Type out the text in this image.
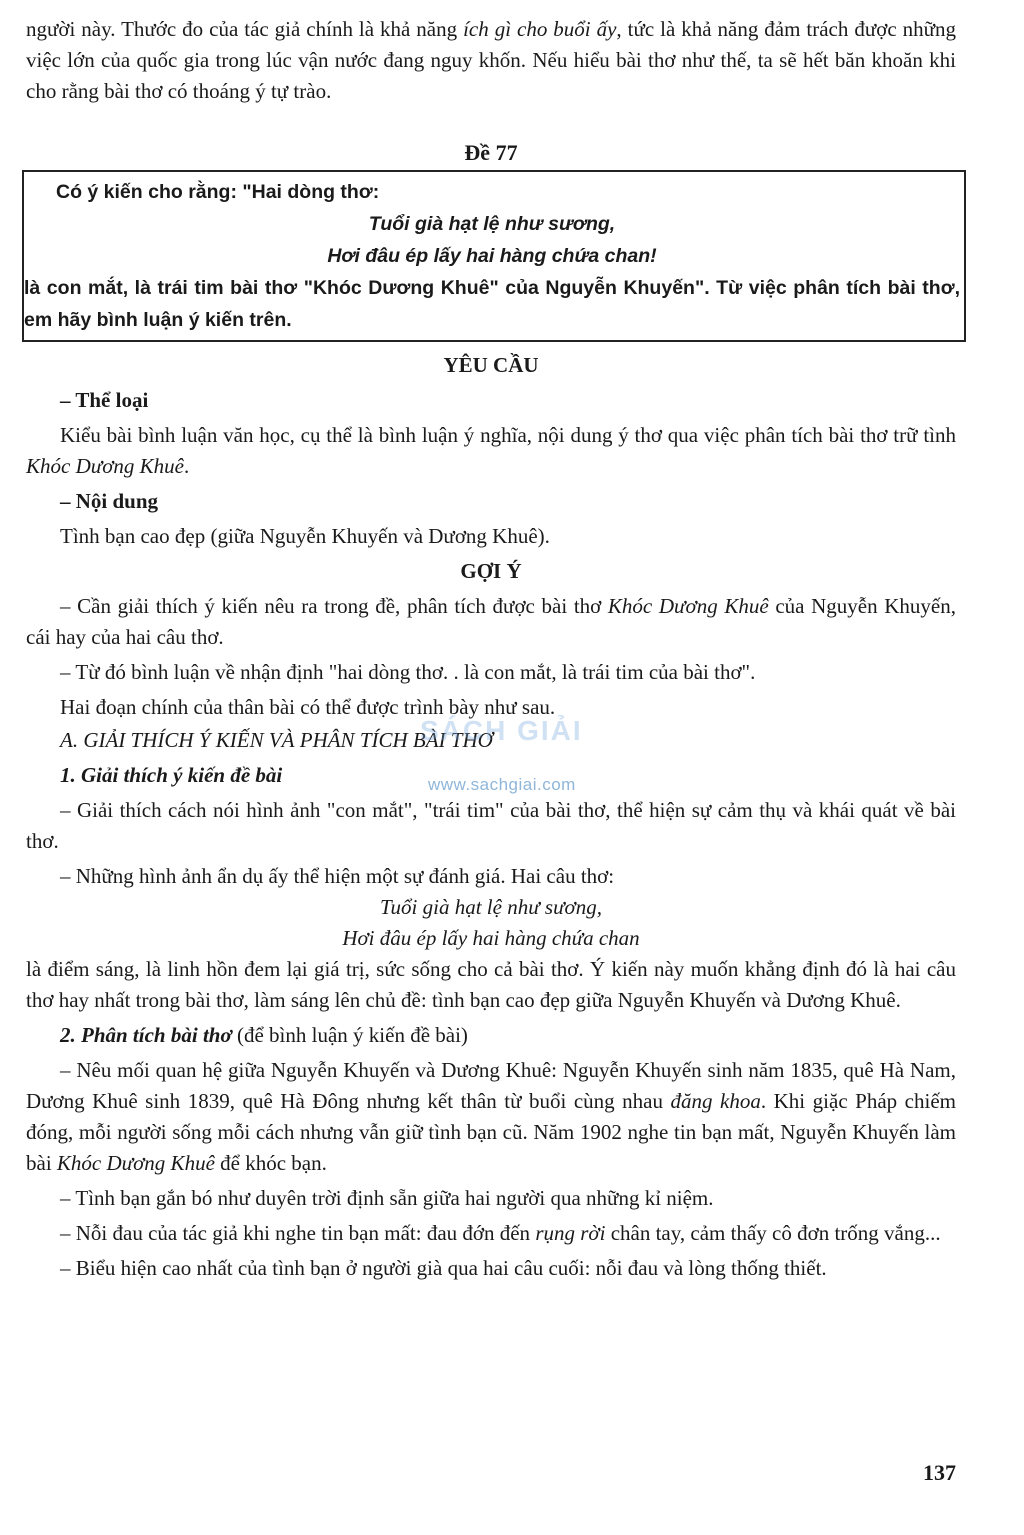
người này. Thước đo của tác giả chính là khả năng ích gì cho buổi ấy, tức là khả năng đảm trách được những việc lớn của quốc gia trong lúc vận nước đang nguy khốn. Nếu hiểu bài thơ như thế, ta sẽ hết băn khoăn khi cho rằng bài thơ có thoáng ý tự trào.

Đề 77
Có ý kiến cho rằng: "Hai dòng thơ:
Tuổi già hạt lệ như sương,
Hơi đâu ép lấy hai hàng chứa chan!
là con mắt, là trái tim bài thơ "Khóc Dương Khuê" của Nguyễn Khuyến". Từ việc phân tích bài thơ, em hãy bình luận ý kiến trên.
YÊU CẦU

– Thể loại

Kiểu bài bình luận văn học, cụ thể là bình luận ý nghĩa, nội dung ý thơ qua việc phân tích bài thơ trữ tình Khóc Dương Khuê.

– Nội dung

Tình bạn cao đẹp (giữa Nguyễn Khuyến và Dương Khuê).

GỢI Ý

– Cần giải thích ý kiến nêu ra trong đề, phân tích được bài thơ Khóc Dương Khuê của Nguyễn Khuyến, cái hay của hai câu thơ.

– Từ đó bình luận về nhận định "hai dòng thơ. . là con mắt, là trái tim của bài thơ".

Hai đoạn chính của thân bài có thể được trình bày như sau.

SÁCH GIẢI
www.sachgiai.com

A. GIẢI THÍCH Ý KIẾN VÀ PHÂN TÍCH BÀI THƠ

1. Giải thích ý kiến đề bài

– Giải thích cách nói hình ảnh "con mắt", "trái tim" của bài thơ, thể hiện sự cảm thụ và khái quát về bài thơ.

– Những hình ảnh ẩn dụ ấy thể hiện một sự đánh giá. Hai câu thơ:

Tuổi già hạt lệ như sương,
Hơi đâu ép lấy hai hàng chứa chan

là điểm sáng, là linh hồn đem lại giá trị, sức sống cho cả bài thơ. Ý kiến này muốn khẳng định đó là hai câu thơ hay nhất trong bài thơ, làm sáng lên chủ đề: tình bạn cao đẹp giữa Nguyễn Khuyến và Dương Khuê.

2. Phân tích bài thơ (để bình luận ý kiến đề bài)

– Nêu mối quan hệ giữa Nguyễn Khuyến và Dương Khuê: Nguyễn Khuyến sinh năm 1835, quê Hà Nam, Dương Khuê sinh 1839, quê Hà Đông nhưng kết thân từ buổi cùng nhau đăng khoa. Khi giặc Pháp chiếm đóng, mỗi người sống mỗi cách nhưng vẫn giữ tình bạn cũ. Năm 1902 nghe tin bạn mất, Nguyễn Khuyến làm bài Khóc Dương Khuê để khóc bạn.

– Tình bạn gắn bó như duyên trời định sẵn giữa hai người qua những kỉ niệm.

– Nỗi đau của tác giả khi nghe tin bạn mất: đau đớn đến rụng rời chân tay, cảm thấy cô đơn trống vắng...

– Biểu hiện cao nhất của tình bạn ở người già qua hai câu cuối: nỗi đau và lòng thống thiết.

137
